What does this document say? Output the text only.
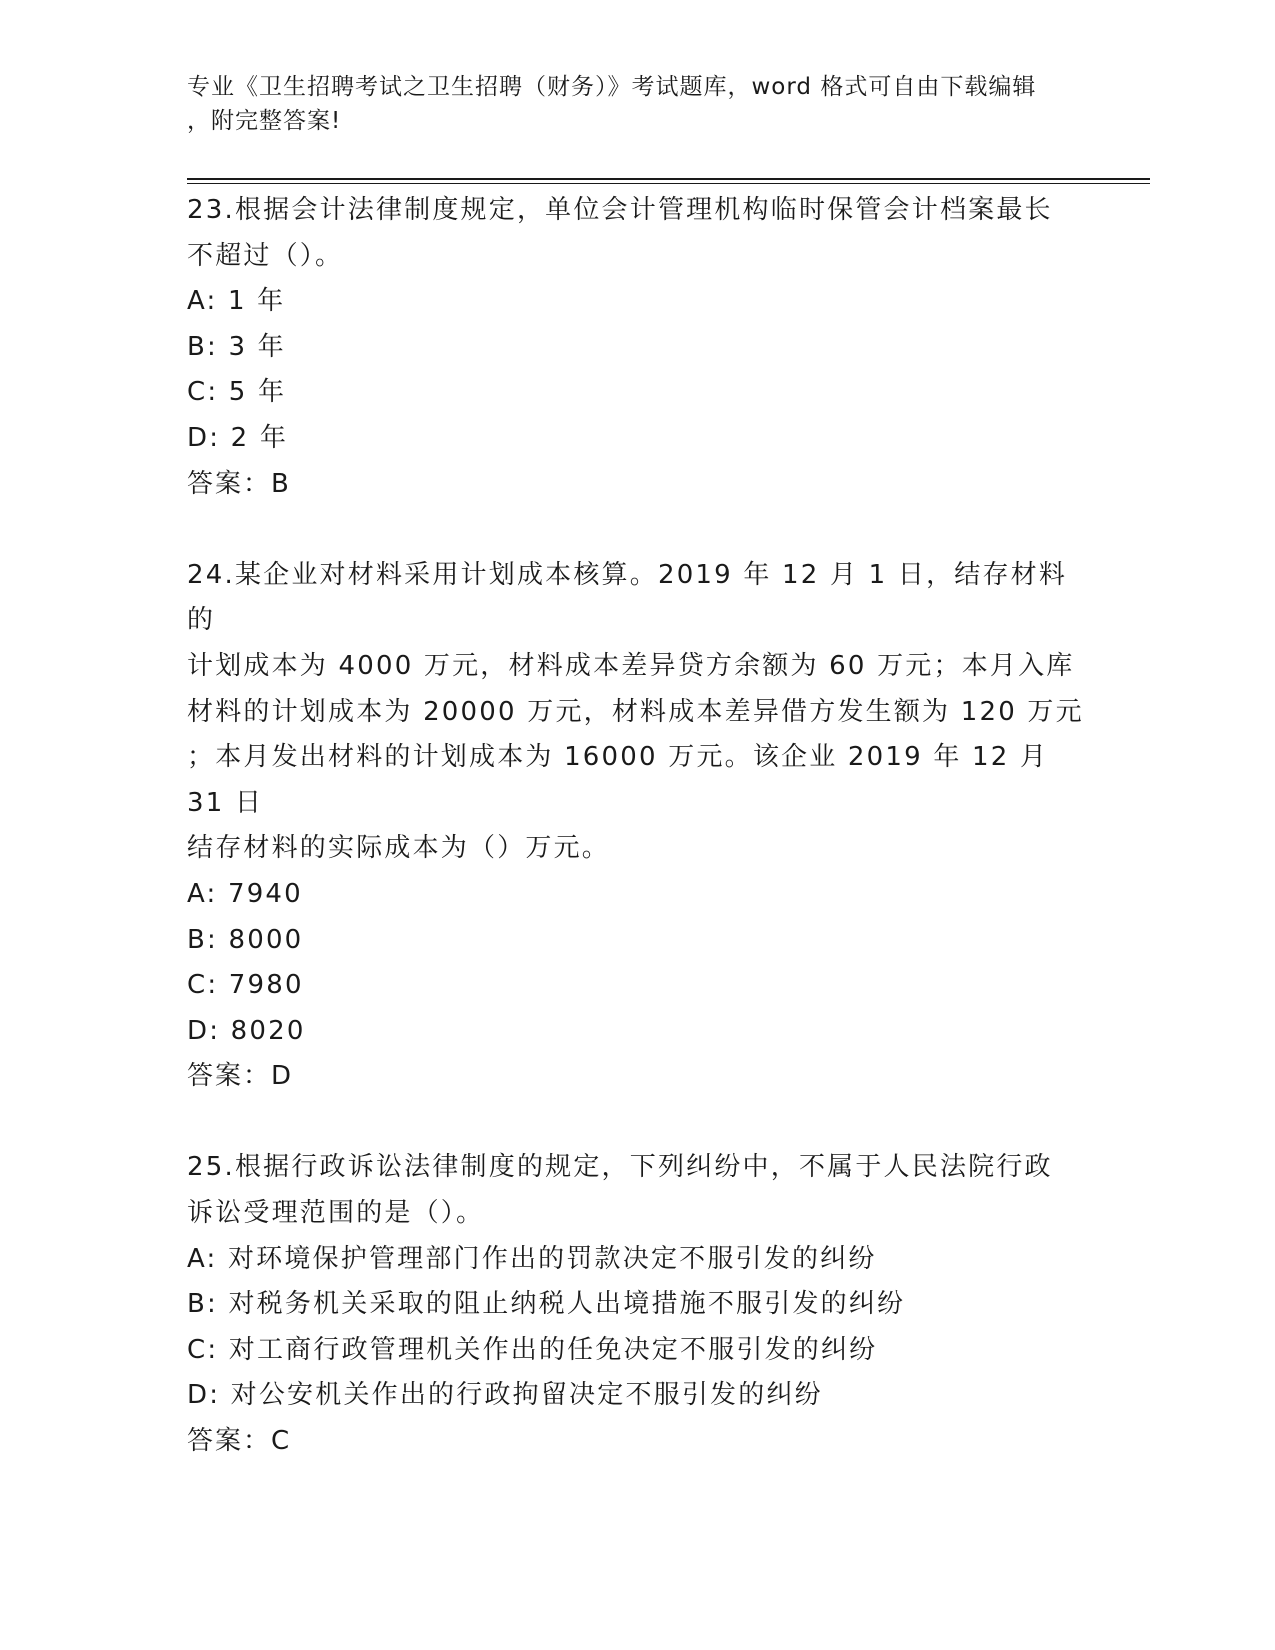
专业《卫生招聘考试之卫生招聘（财务）》考试题库，word 格式可自由下载编辑
，附完整答案!

23.根据会计法律制度规定，单位会计管理机构临时保管会计档案最长
不超过（）。

A: 1 年

B: 3 年

C: 5 年

D: 2 年

答案：B

24.某企业对材料采用计划成本核算。2019 年 12 月 1 日，结存材料的
计划成本为 4000 万元，材料成本差异贷方余额为 60 万元；本月入库
材料的计划成本为 20000 万元，材料成本差异借方发生额为 120 万元
；本月发出材料的计划成本为 16000 万元。该企业 2019 年 12 月 31 日
结存材料的实际成本为（）万元。

A: 7940

B: 8000

C: 7980

D: 8020

答案：D

25.根据行政诉讼法律制度的规定，下列纠纷中，不属于人民法院行政
诉讼受理范围的是（）。

A: 对环境保护管理部门作出的罚款决定不服引发的纠纷

B: 对税务机关采取的阻止纳税人出境措施不服引发的纠纷

C: 对工商行政管理机关作出的任免决定不服引发的纠纷

D: 对公安机关作出的行政拘留决定不服引发的纠纷

答案：C
